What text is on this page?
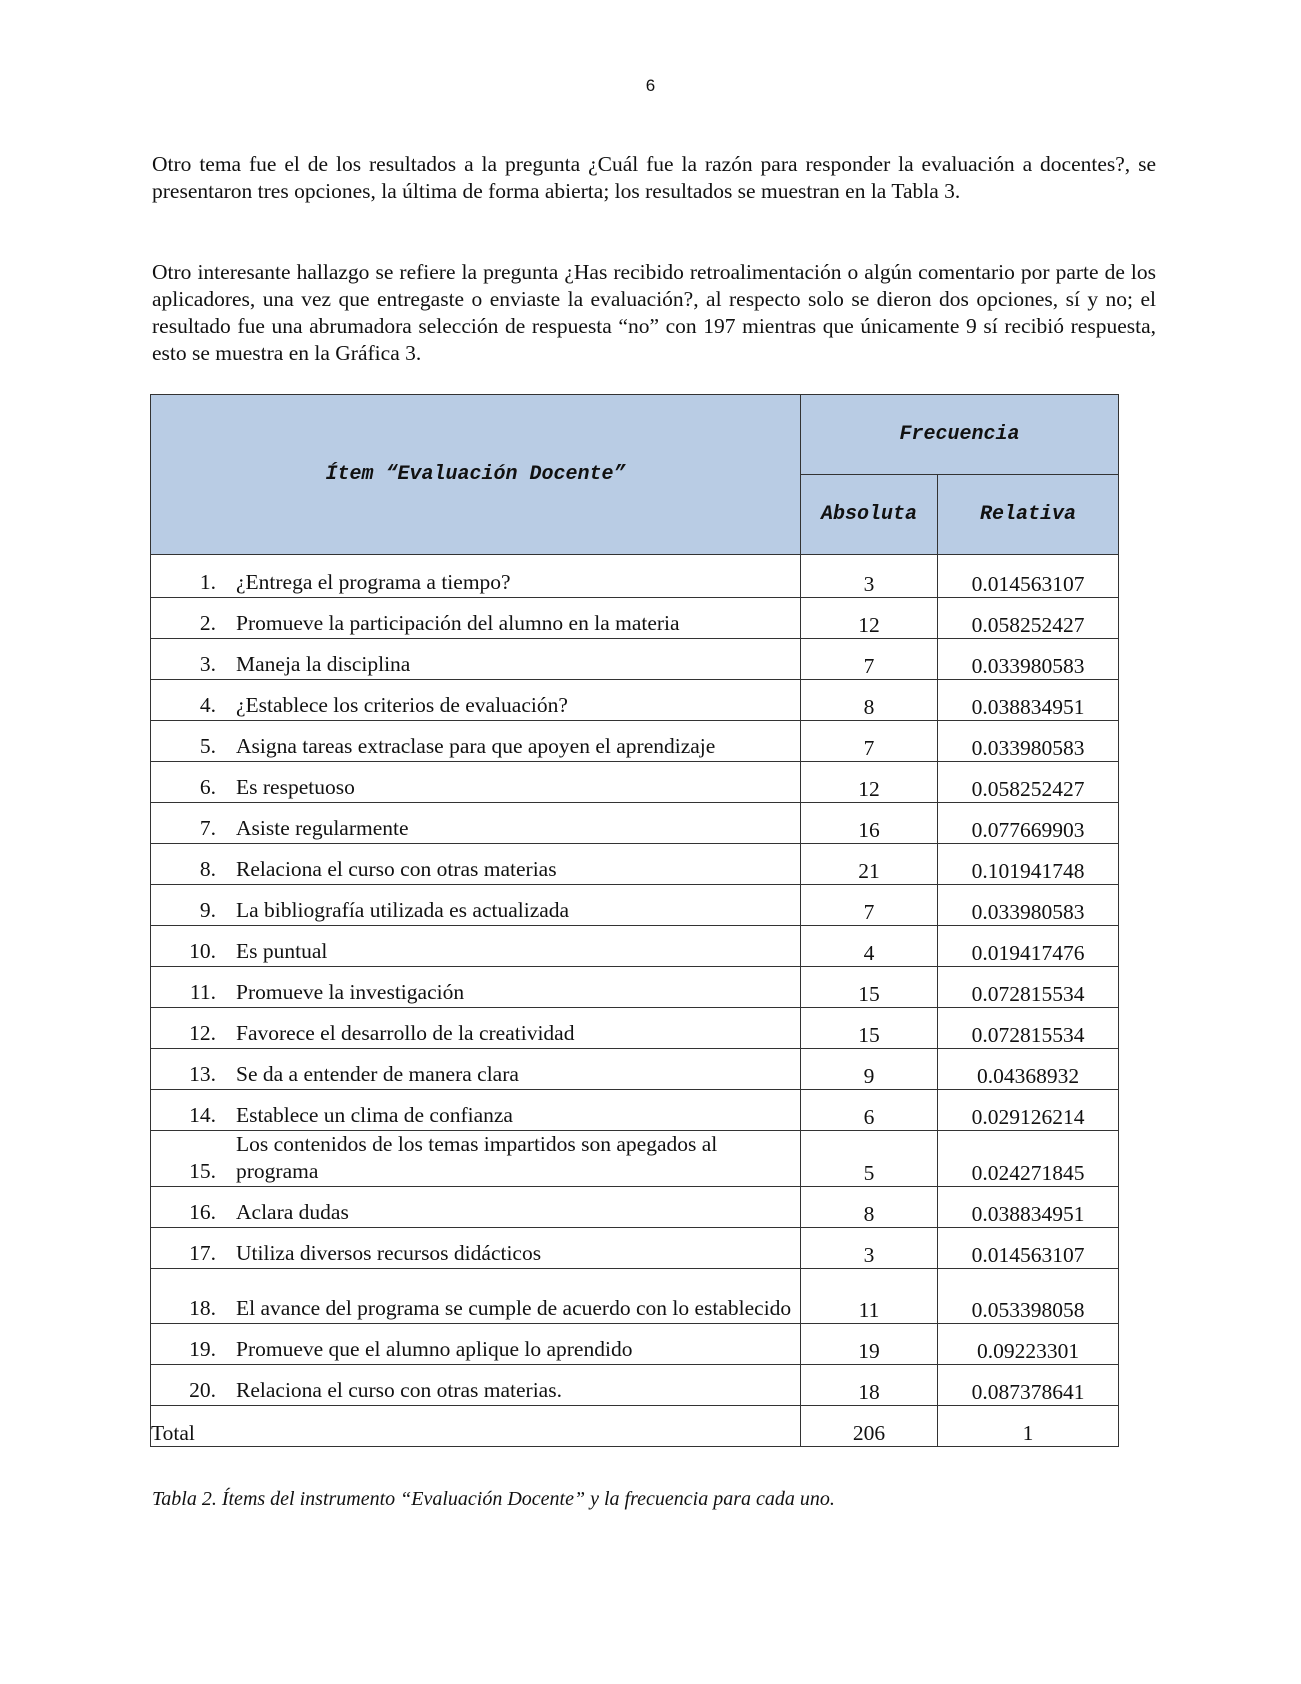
6

Otro tema fue el de los resultados a la pregunta ¿Cuál fue la razón para responder la evaluación a docentes?, se presentaron tres opciones, la última de forma abierta; los resultados se muestran en la Tabla 3.

Otro interesante hallazgo se refiere la pregunta ¿Has recibido retroalimentación o algún comentario por parte de los aplicadores, una vez que entregaste o enviaste la evaluación?, al respecto solo se dieron dos opciones, sí y no; el resultado fue una abrumadora selección de respuesta “no” con 197 mientras que únicamente 9 sí recibió respuesta, esto se muestra en la Gráfica 3.

Ítem “Evaluación Docente”	Frecuencia	
	Absoluta	Relativa

1. ¿Entrega el programa a tiempo?	3	0.014563107

2. Promueve la participación del alumno en la materia	12	0.058252427

3. Maneja la disciplina	7	0.033980583

4. ¿Establece los criterios de evaluación?	8	0.038834951

5. Asigna tareas extraclase para que apoyen el aprendizaje	7	0.033980583

6. Es respetuoso	12	0.058252427

7. Asiste regularmente	16	0.077669903

8. Relaciona el curso con otras materias	21	0.101941748

9. La bibliografía utilizada es actualizada	7	0.033980583

10. Es puntual	4	0.019417476

11. Promueve la investigación	15	0.072815534

12. Favorece el desarrollo de la creatividad	15	0.072815534

13. Se da a entender de manera clara	9	0.04368932

14. Establece un clima de confianza	6	0.029126214

15.
Los contenidos de los temas impartidos son apegados al programa	5	0.024271845

16. Aclara dudas	8	0.038834951

17. Utiliza diversos recursos didácticos	3	0.014563107

18. El avance del programa se cumple de acuerdo con lo establecido	11	0.053398058

19. Promueve que el alumno aplique lo aprendido	19	0.09223301

20. Relaciona el curso con otras materias.	18	0.087378641
Total	206	1
Tabla 2. Ítems del instrumento “Evaluación Docente” y la frecuencia para cada uno.
